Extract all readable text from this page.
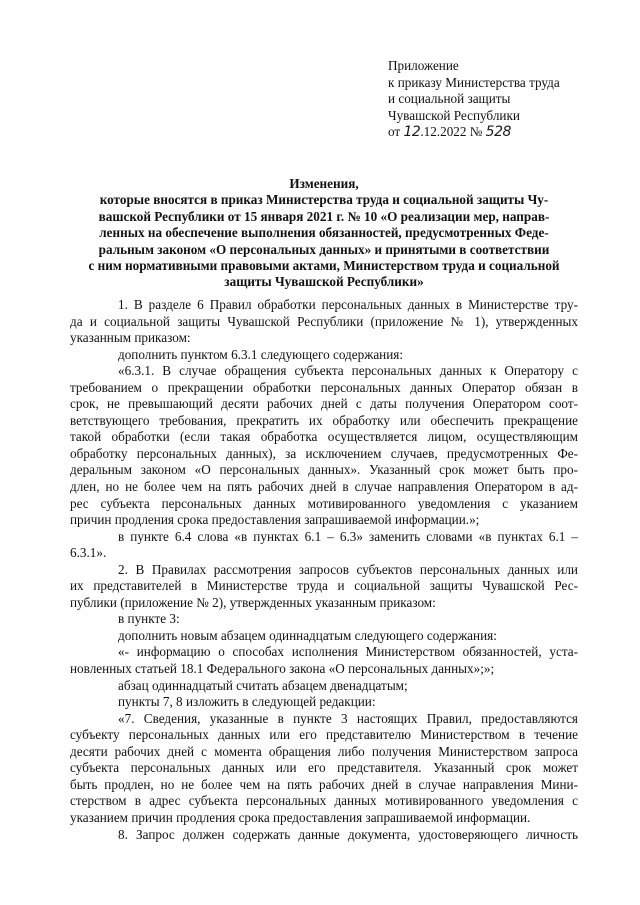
Приложение
к приказу Министерства труда
и социальной защиты
Чувашской Республики
от 12.12.2022 № 528
Изменения,
которые вносятся в приказ Министерства труда и социальной защиты Чу-
вашской Республики от 15 января 2021 г. № 10 «О реализации мер, направ-
ленных на обеспечение выполнения обязанностей, предусмотренных Феде-
ральным законом «О персональных данных» и принятыми в соответствии
с ним нормативными правовыми актами, Министерством труда и социальной
защиты Чувашской Республики»
1. В разделе 6 Правил обработки персональных данных в Министерстве тру-
да и социальной защиты Чувашской Республики (приложение № 1), утвержденных
указанным приказом:
дополнить пунктом 6.3.1 следующего содержания:
«6.3.1. В случае обращения субъекта персональных данных к Оператору с
требованием о прекращении обработки персональных данных Оператор обязан в
срок, не превышающий десяти рабочих дней с даты получения Оператором соот-
ветствующего требования, прекратить их обработку или обеспечить прекращение
такой обработки (если такая обработка осуществляется лицом, осуществляющим
обработку персональных данных), за исключением случаев, предусмотренных Фе-
деральным законом «О персональных данных». Указанный срок может быть про-
длен, но не более чем на пять рабочих дней в случае направления Оператором в ад-
рес субъекта персональных данных мотивированного уведомления с указанием
причин продления срока предоставления запрашиваемой информации.»;
в пункте 6.4 слова «в пунктах 6.1 – 6.3» заменить словами «в пунктах 6.1 –
6.3.1».
2. В Правилах рассмотрения запросов субъектов персональных данных или
их представителей в Министерстве труда и социальной защиты Чувашской Рес-
публики (приложение № 2), утвержденных указанным приказом:
в пункте 3:
дополнить новым абзацем одиннадцатым следующего содержания:
«- информацию о способах исполнения Министерством обязанностей, уста-
новленных статьей 18.1 Федерального закона «О персональных данных»;»;
абзац одиннадцатый считать абзацем двенадцатым;
пункты 7, 8 изложить в следующей редакции:
«7. Сведения, указанные в пункте 3 настоящих Правил, предоставляются
субъекту персональных данных или его представителю Министерством в течение
десяти рабочих дней с момента обращения либо получения Министерством запроса
субъекта персональных данных или его представителя. Указанный срок может
быть продлен, но не более чем на пять рабочих дней в случае направления Мини-
стерством в адрес субъекта персональных данных мотивированного уведомления с
указанием причин продления срока предоставления запрашиваемой информации.
8. Запрос должен содержать данные документа, удостоверяющего личность
